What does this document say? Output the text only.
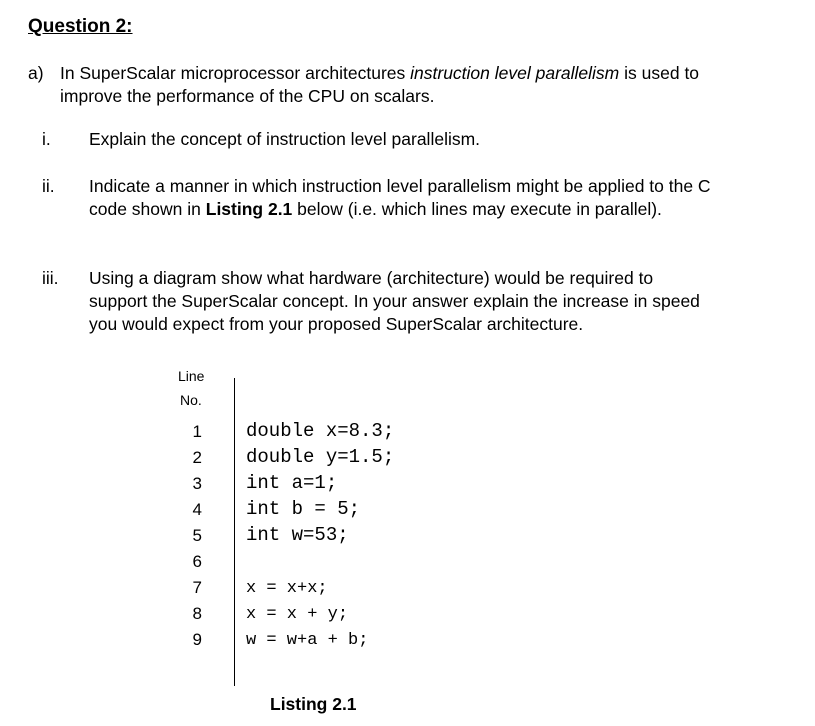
Question 2:
a) In SuperScalar microprocessor architectures instruction level parallelism is used to
improve the performance of the CPU on scalars.
i. Explain the concept of instruction level parallelism.
ii. Indicate a manner in which instruction level parallelism might be applied to the C
code shown in Listing 2.1 below (i.e. which lines may execute in parallel).
iii. Using a diagram show what hardware (architecture) would be required to
support the SuperScalar concept. In your answer explain the increase in speed
you would expect from your proposed SuperScalar architecture.
Line
No.
1
2
3
4
5
6
7
8
9
double x=8.3;
double y=1.5;
int a=1;
int b = 5;
int w=53;
x = x+x;
x = x + y;
w = w+a + b;
Listing 2.1
